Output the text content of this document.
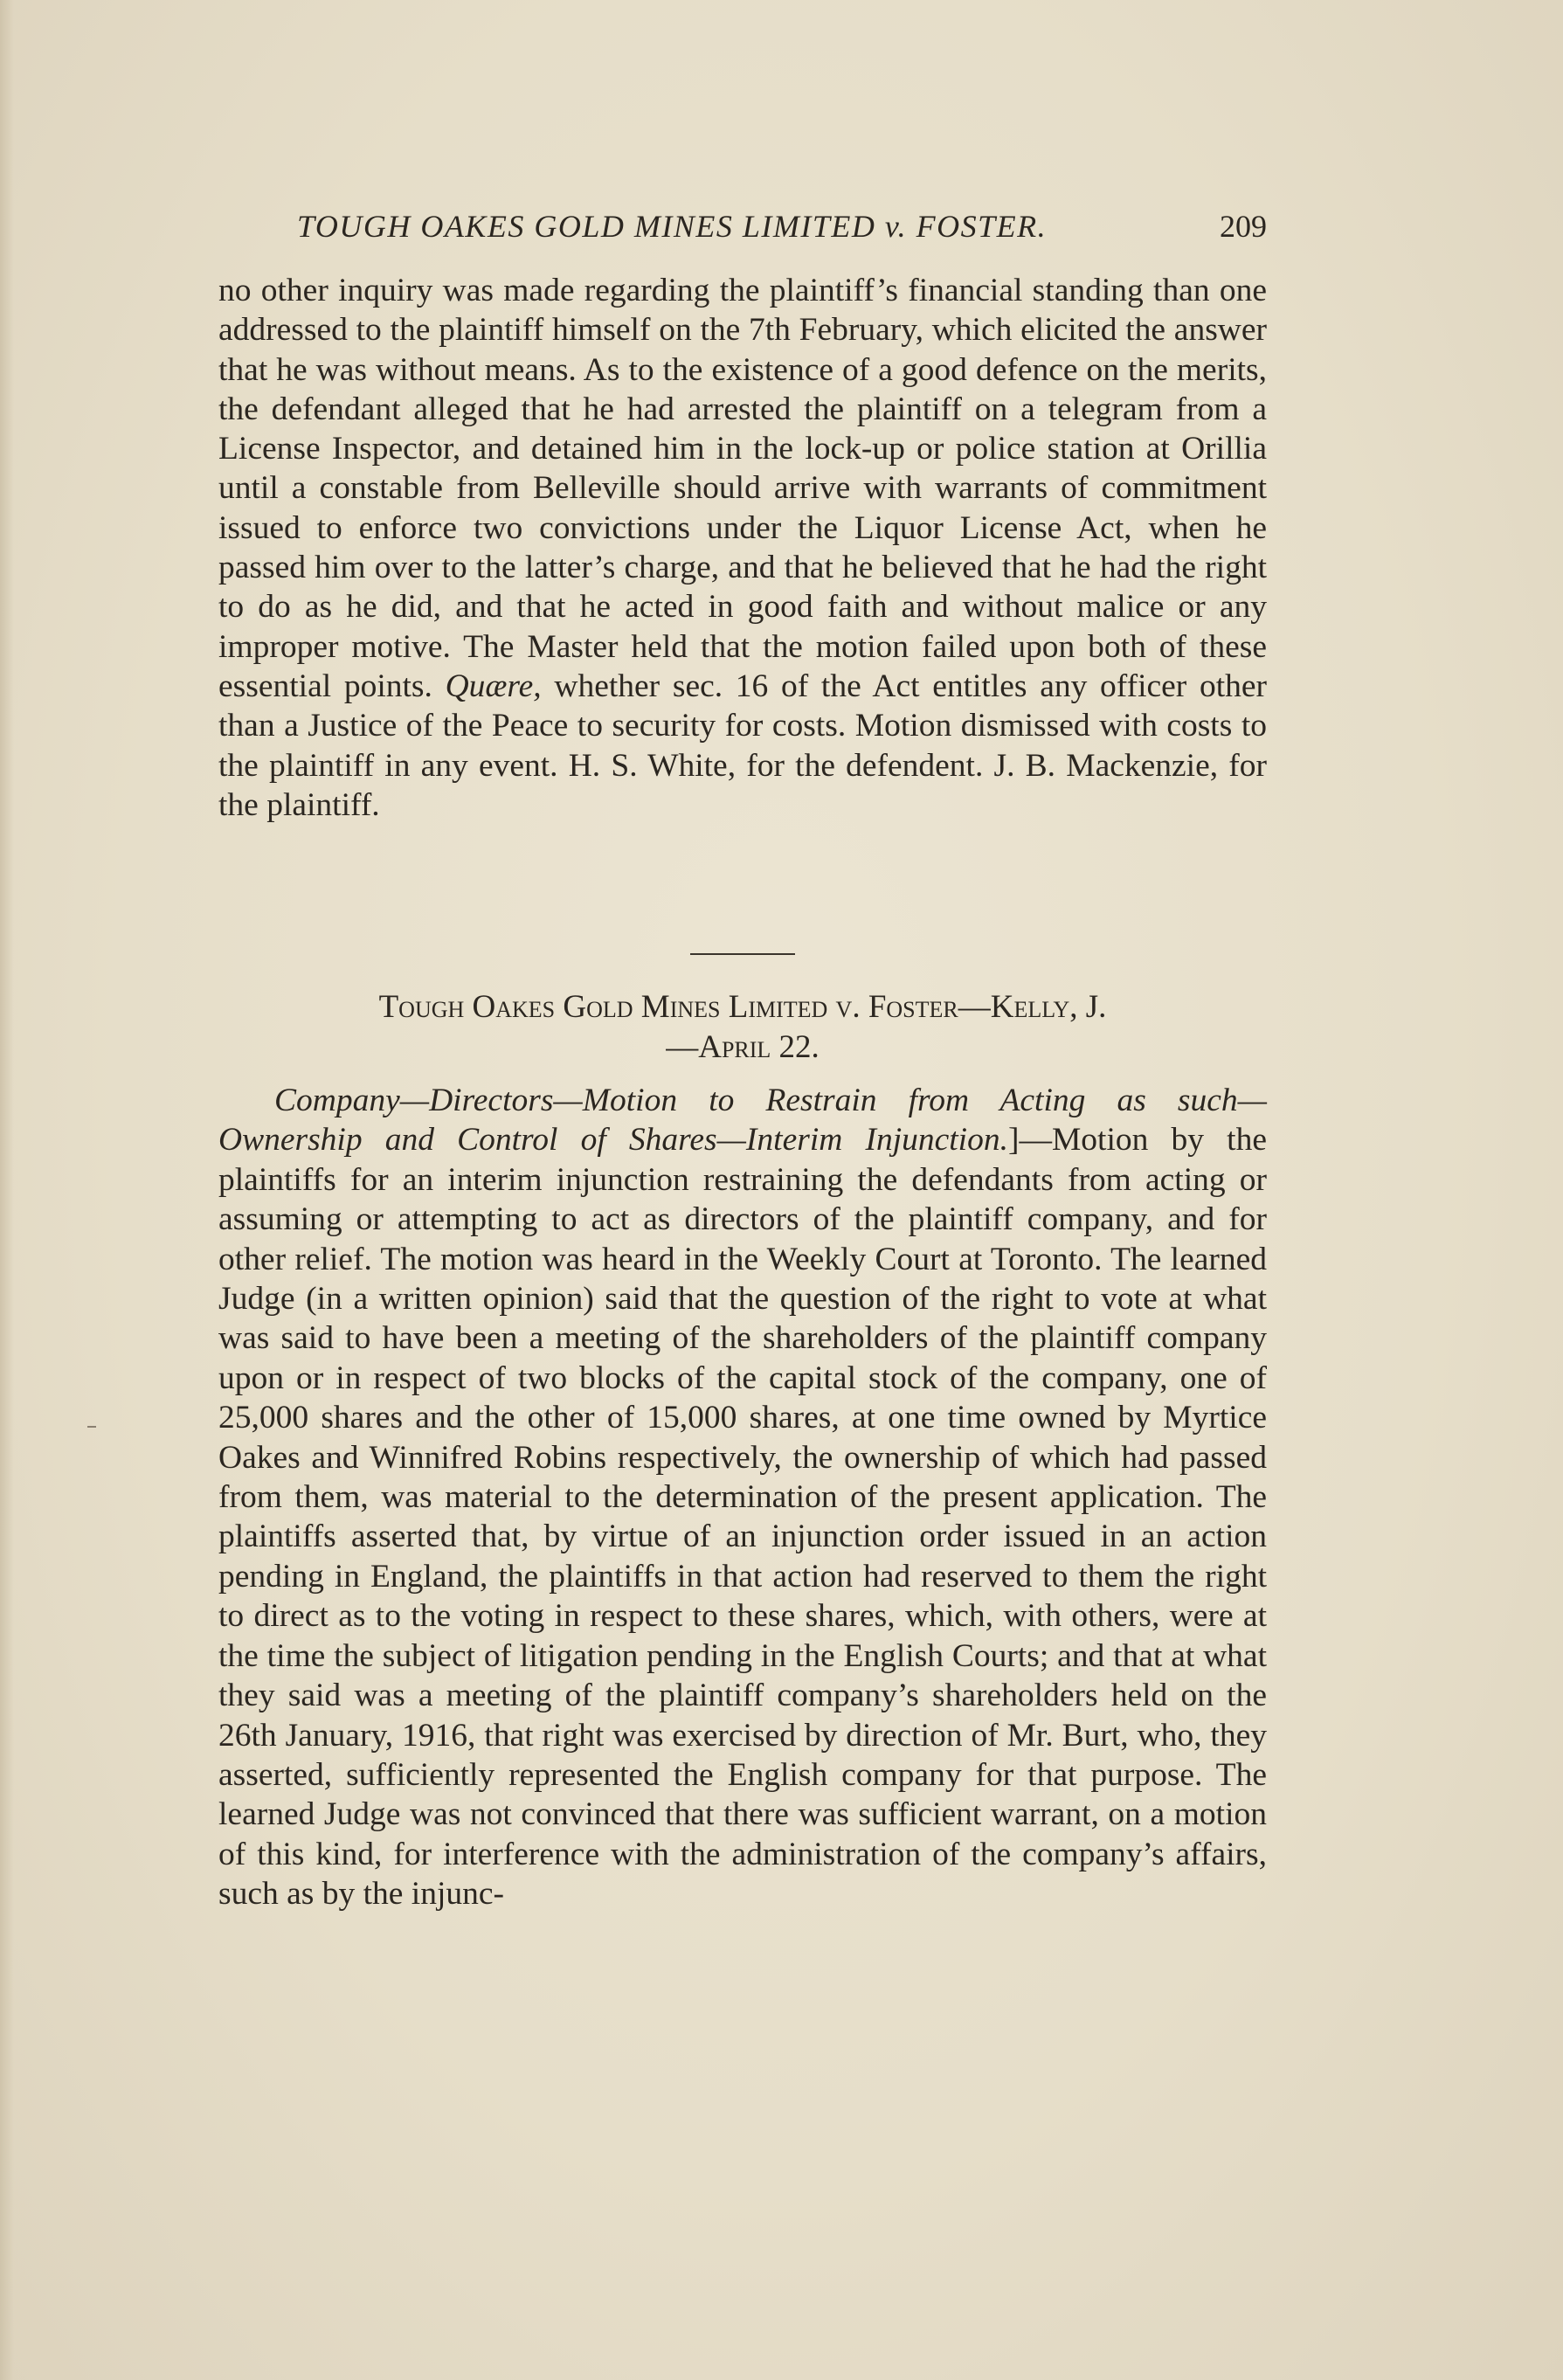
TOUGH OAKES GOLD MINES LIMITED v. FOSTER.	209

no other inquiry was made regarding the plaintiff’s financial standing than one addressed to the plaintiff himself on the 7th February, which elicited the answer that he was without means. As to the existence of a good defence on the merits, the defendant alleged that he had arrested the plaintiff on a telegram from a License Inspector, and detained him in the lock-up or police station at Orillia until a constable from Belleville should arrive with warrants of commitment issued to enforce two convictions under the Liquor License Act, when he passed him over to the latter’s charge, and that he believed that he had the right to do as he did, and that he acted in good faith and without malice or any improper motive. The Master held that the motion failed upon both of these essential points. Quære, whether sec. 16 of the Act entitles any officer other than a Justice of the Peace to security for costs. Motion dismissed with costs to the plaintiff in any event. H. S. White, for the defendent. J. B. Mackenzie, for the plaintiff.

Tough Oakes Gold Mines Limited v. Foster—Kelly, J.
—April 22.

Company—Directors—Motion to Restrain from Acting as such—Ownership and Control of Shares—Interim Injunction.]—Motion by the plaintiffs for an interim injunction restraining the defendants from acting or assuming or attempting to act as directors of the plaintiff company, and for other relief. The motion was heard in the Weekly Court at Toronto. The learned Judge (in a written opinion) said that the question of the right to vote at what was said to have been a meeting of the shareholders of the plaintiff company upon or in respect of two blocks of the capital stock of the company, one of 25,000 shares and the other of 15,000 shares, at one time owned by Myrtice Oakes and Winnifred Robins respectively, the ownership of which had passed from them, was material to the determination of the present application. The plaintiffs asserted that, by virtue of an injunction order issued in an action pending in England, the plaintiffs in that action had reserved to them the right to direct as to the voting in respect to these shares, which, with others, were at the time the subject of litigation pending in the English Courts; and that at what they said was a meeting of the plaintiff company’s shareholders held on the 26th January, 1916, that right was exercised by direction of Mr. Burt, who, they asserted, sufficiently represented the English company for that purpose. The learned Judge was not convinced that there was sufficient warrant, on a motion of this kind, for interference with the administration of the company’s affairs, such as by the injunc-
